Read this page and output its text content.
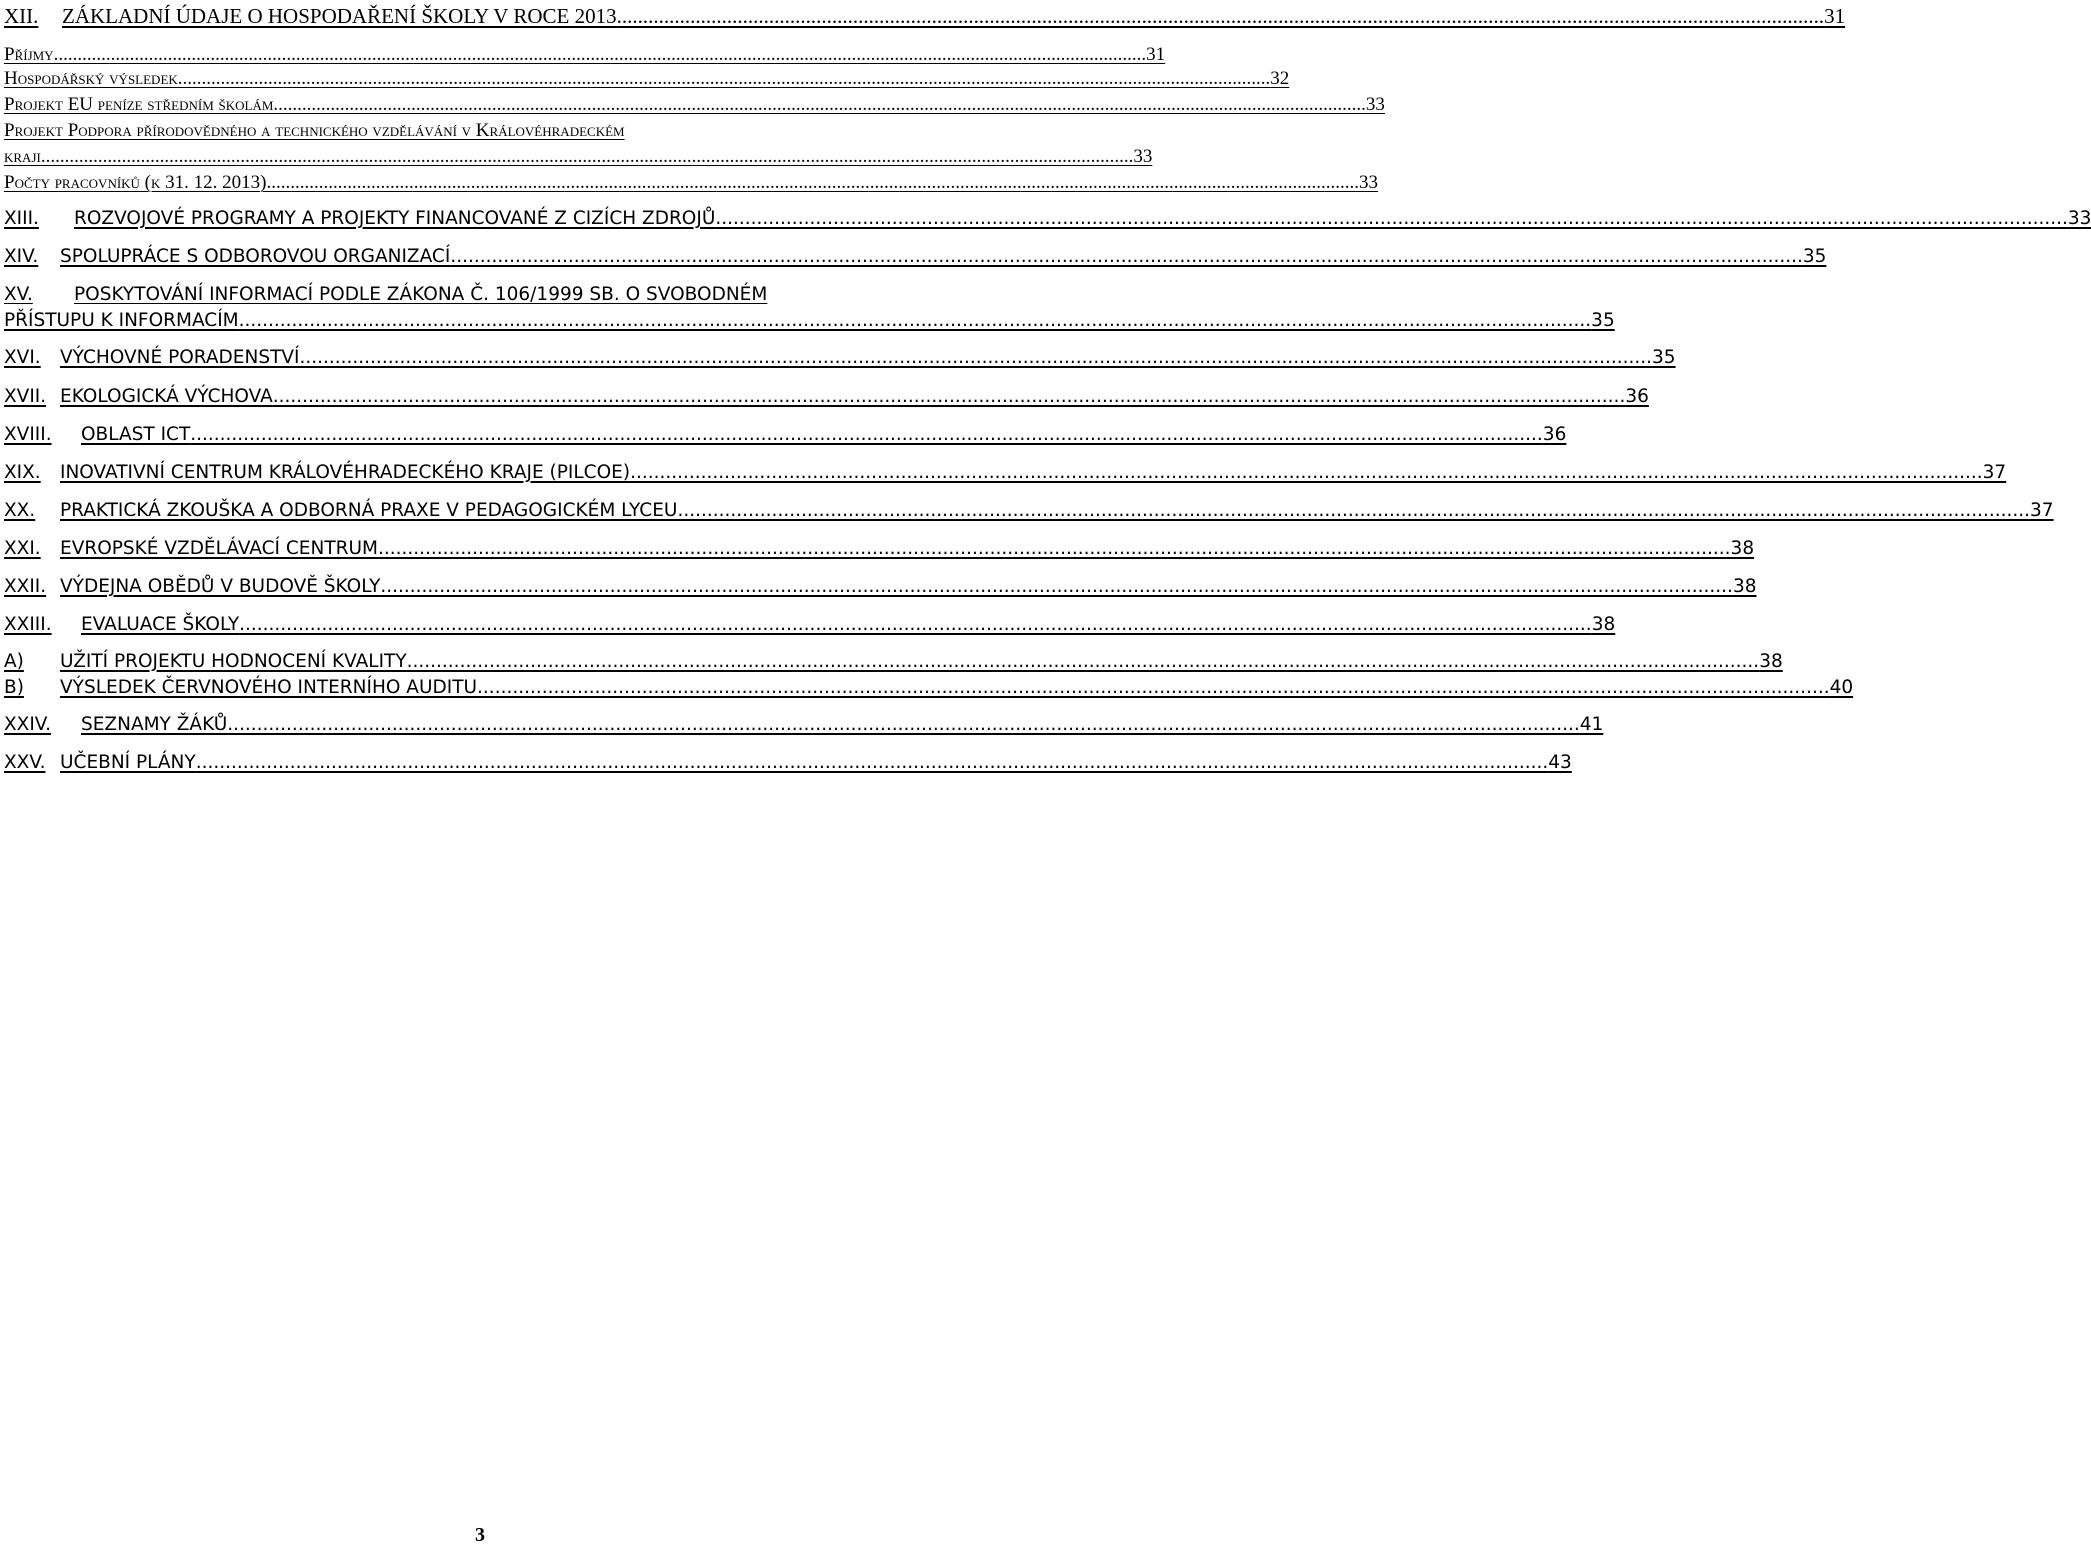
XII.	ZÁKLADNÍ ÚDAJE O HOSPODAŘENÍ ŠKOLY V ROCE 2013 .....	31
Příjmy .....	31
Hospodářský výsledek .....	32
Projekt EU peníze středním školám .....	33
Projekt Podpora přírodovědného a technického vzdělávání v Královéhradeckém
kraji .....	33
Počty pracovníků (k 31. 12. 2013) .....	33
XIII.	ROZVOJOVÉ PROGRAMY A PROJEKTY FINANCOVANÉ Z CIZÍCH ZDROJŮ .....	33
XIV.	SPOLUPRÁCE S ODBOROVOU ORGANIZACÍ .....	35
XV.	POSKYTOVÁNÍ INFORMACÍ PODLE ZÁKONA Č. 106/1999 SB. O SVOBODNÉM
PŘÍSTUPU K INFORMACÍM .....	35
XVI.	VÝCHOVNÉ PORADENSTVÍ .....	35
XVII. EKOLOGICKÁ VÝCHOVA .....	36
XVIII.	OBLAST ICT .....	36
XIX.	INOVATIVNÍ CENTRUM KRÁLOVÉHRADECKÉHO KRAJE (PILCOE) .....	37
XX.	PRAKTICKÁ ZKOUŠKA A ODBORNÁ PRAXE V PEDAGOGICKÉM LYCEU .....	37
XXI.	EVROPSKÉ VZDĚLÁVACÍ CENTRUM .....	38
XXII. VÝDEJNA OBĚDŮ V BUDOVĚ ŠKOLY .....	38
XXIII.	EVALUACE ŠKOLY .....	38
A)	UŽITÍ PROJEKTU HODNOCENÍ KVALITY .....	38
B)	VÝSLEDEK ČERVNOVÉHO INTERNÍHO AUDITU .....	40
XXIV.	SEZNAMY ŽÁKŮ .....	41
XXV. UČEBNÍ PLÁNY .....	43
3
